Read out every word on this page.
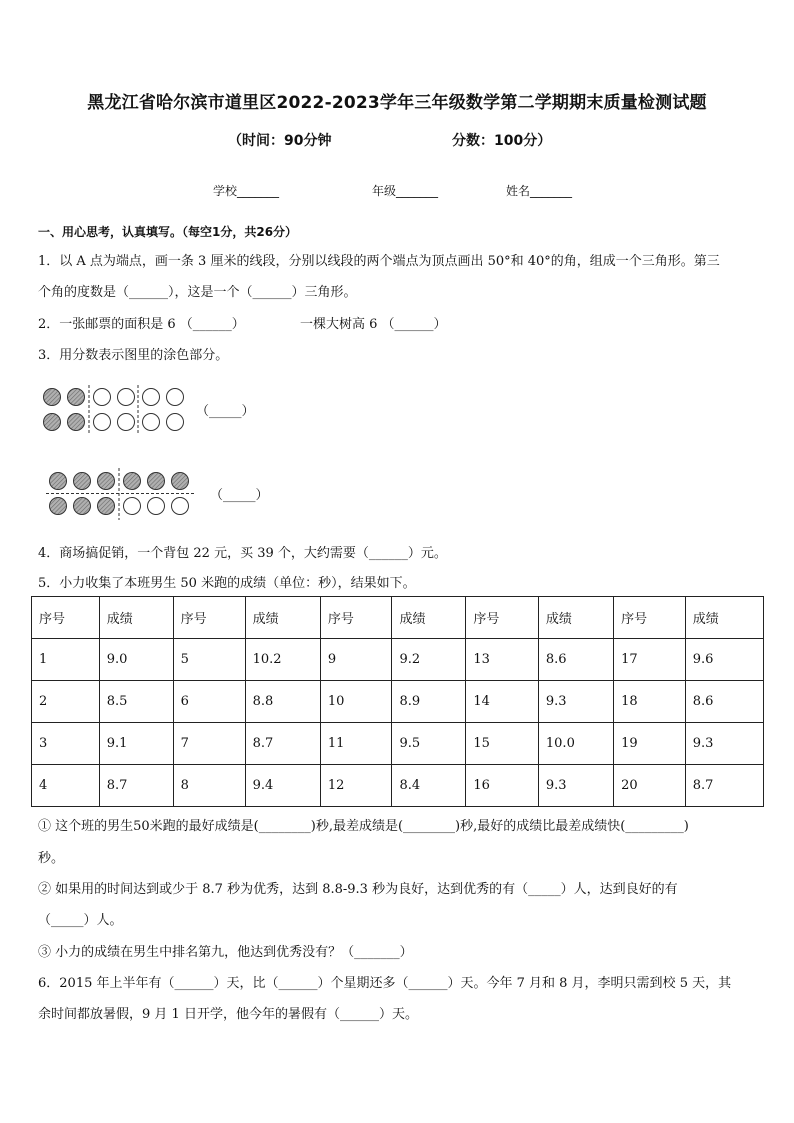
黑龙江省哈尔滨市道里区2022-2023学年三年级数学第二学期期末质量检测试题
（时间：90分钟	分数：100分）
学校_______	年级_______	姓名_______
一、用心思考，认真填写。（每空1分，共26分）
1．以 A 点为端点，画一条 3 厘米的线段，分别以线段的两个端点为顶点画出 50°和 40°的角，组成一个三角形。第三
个角的度数是（______），这是一个（______）三角形。
2．一张邮票的面积是 6 （______）	一棵大树高 6 （______）
3．用分数表示图里的涂色部分。
（_____）
（_____）
4．商场搞促销，一个背包 22 元，买 39 个，大约需要（______）元。
5．小力收集了本班男生 50 米跑的成绩（单位：秒），结果如下。
序号	成绩	序号	成绩	序号	成绩	序号	成绩	序号	成绩
1	9.0	5	10.2	9	9.2	13	8.6	17	9.6
2	8.5	6	8.8	10	8.9	14	9.3	18	8.6
3	9.1	7	8.7	11	9.5	15	10.0	19	9.3
4	8.7	8	9.4	12	8.4	16	9.3	20	8.7
① 这个班的男生50米跑的最好成绩是(________)秒,最差成绩是(________)秒,最好的成绩比最差成绩快(_________)
秒。
② 如果用的时间达到或少于 8.7 秒为优秀，达到 8.8-9.3 秒为良好，达到优秀的有（_____）人，达到良好的有
（_____）人。
③ 小力的成绩在男生中排名第九，他达到优秀没有？（_______）
6．2015 年上半年有（______）天，比（______）个星期还多（______）天。今年 7 月和 8 月，李明只需到校 5 天，其
余时间都放暑假，9 月 1 日开学，他今年的暑假有（______）天。
